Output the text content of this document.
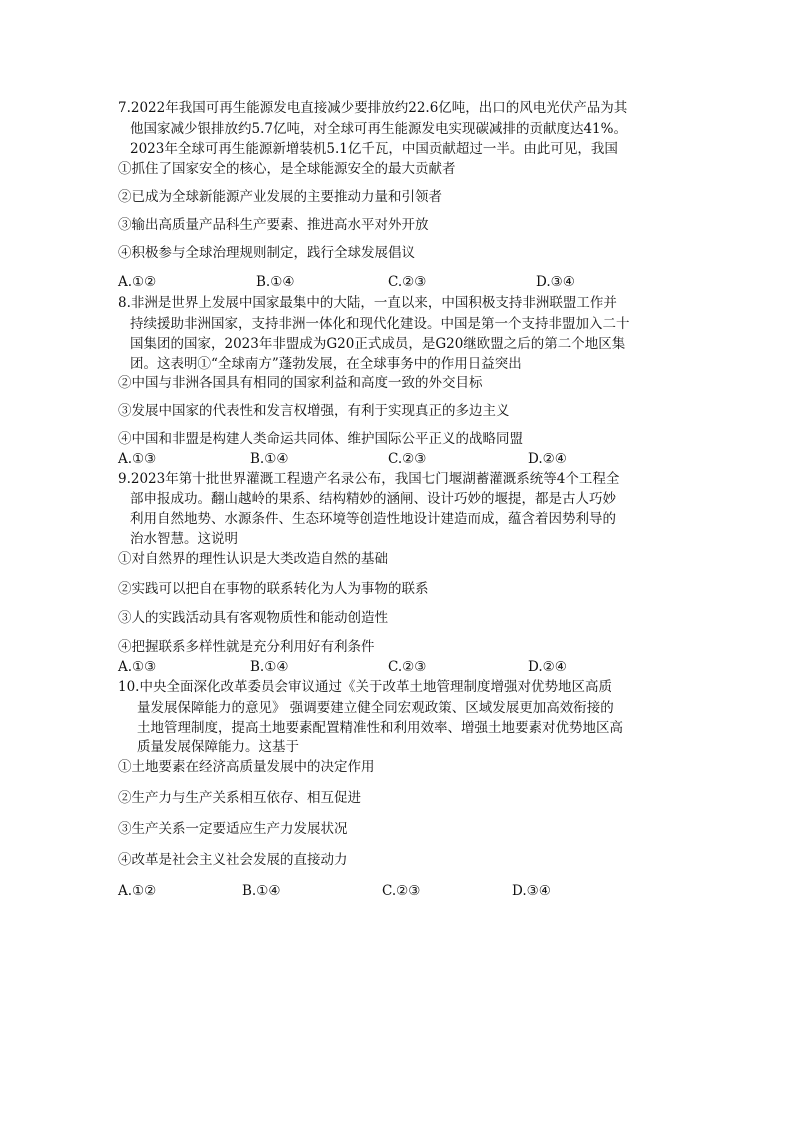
7.2022年我国可再生能源发电直接减少要排放约22.6亿吨，出口的风电光伏产品为其
他国家减少银排放约5.7亿吨，对全球可再生能源发电实现碳减排的贡献度达41%。
2023年全球可再生能源新增装机5.1亿千瓦，中国贡献超过一半。由此可见，我国
①抓住了国家安全的核心，是全球能源安全的最大贡献者
②已成为全球新能源产业发展的主要推动力量和引领者
③输出高质量产品科生产要素、推进高水平对外开放
④积极参与全球治理规则制定，践行全球发展倡议
A.①②	B.①④	C.②③	D.③④
8.非洲是世界上发展中国家最集中的大陆，一直以来，中国积极支持非洲联盟工作并
持续援助非洲国家，支持非洲一体化和现代化建设。中国是第一个支持非盟加入二十
国集团的国家，2023年非盟成为G20正式成员，是G20继欧盟之后的第二个地区集
团。这表明①“全球南方”蓬勃发展，在全球事务中的作用日益突出
②中国与非洲各国具有相同的国家利益和高度一致的外交目标
③发展中国家的代表性和发言权增强，有利于实现真正的多边主义
④中国和非盟是构建人类命运共同体、维护国际公平正义的战略同盟
A.①③	B.①④	C.②③	D.②④
9.2023年第十批世界灌溉工程遗产名录公布，我国七门堰湖蓄灌溉系统等4个工程全
部申报成功。翻山越岭的果系、结构精妙的涵闸、设计巧妙的堰提，都是古人巧妙
利用自然地势、水源条件、生态环境等创造性地设计建造而成，蕴含着因势利导的
治水智慧。这说明
①对自然界的理性认识是大类改造自然的基础
②实践可以把自在事物的联系转化为人为事物的联系
③人的实践活动具有客观物质性和能动创造性
④把握联系多样性就是充分利用好有利条件
A.①③	B.①④	C.②③	D.②④
10.中央全面深化改革委员会审议通过《关于改革土地管理制度增强对优势地区高质
量发展保障能力的意见》 强调要建立健全同宏观政策、区域发展更加高效衔接的
土地管理制度，提高土地要素配置精准性和利用效率、增强土地要素对优势地区高
质量发展保障能力。这基于
①土地要素在经济高质量发展中的决定作用
②生产力与生产关系相互依存、相互促进
③生产关系一定要适应生产力发展状况
④改革是社会主义社会发展的直接动力
A.①②	B.①④	C.②③	D.③④
